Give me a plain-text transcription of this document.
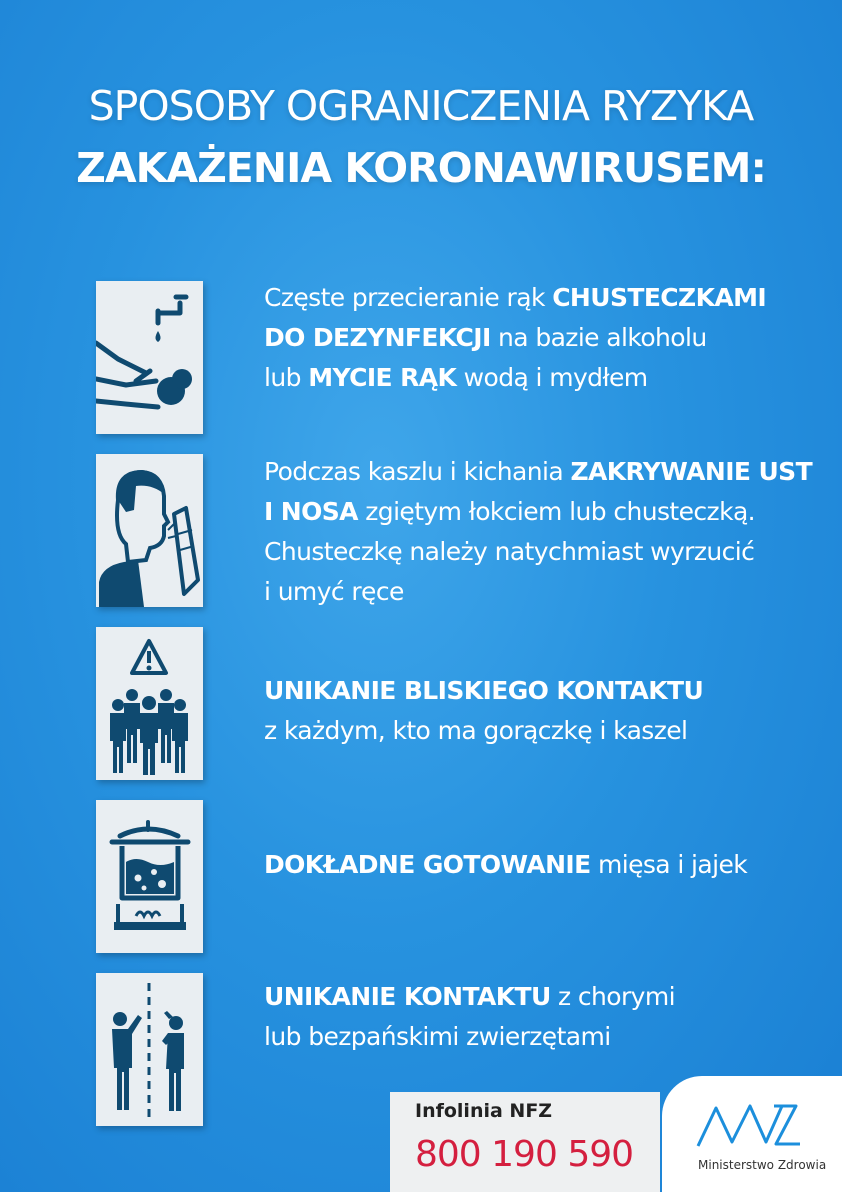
SPOSOBY OGRANICZENIA RYZYKA
ZAKAŻENIA KORONAWIRUSEM:
Częste przecieranie rąk CHUSTECZKAMI
DO DEZYNFEKCJI na bazie alkoholu
lub MYCIE RĄK wodą i mydłem
Podczas kaszlu i kichania ZAKRYWANIE UST
I NOSA zgiętym łokciem lub chusteczką.
Chusteczkę należy natychmiast wyrzucić
i umyć ręce
UNIKANIE BLISKIEGO KONTAKTU
z każdym, kto ma gorączkę i kaszel
DOKŁADNE GOTOWANIE mięsa i jajek
UNIKANIE KONTAKTU z chorymi
lub bezpańskimi zwierzętami
Infolinia NFZ
800 190 590	Ministerstwo Zdrowia
